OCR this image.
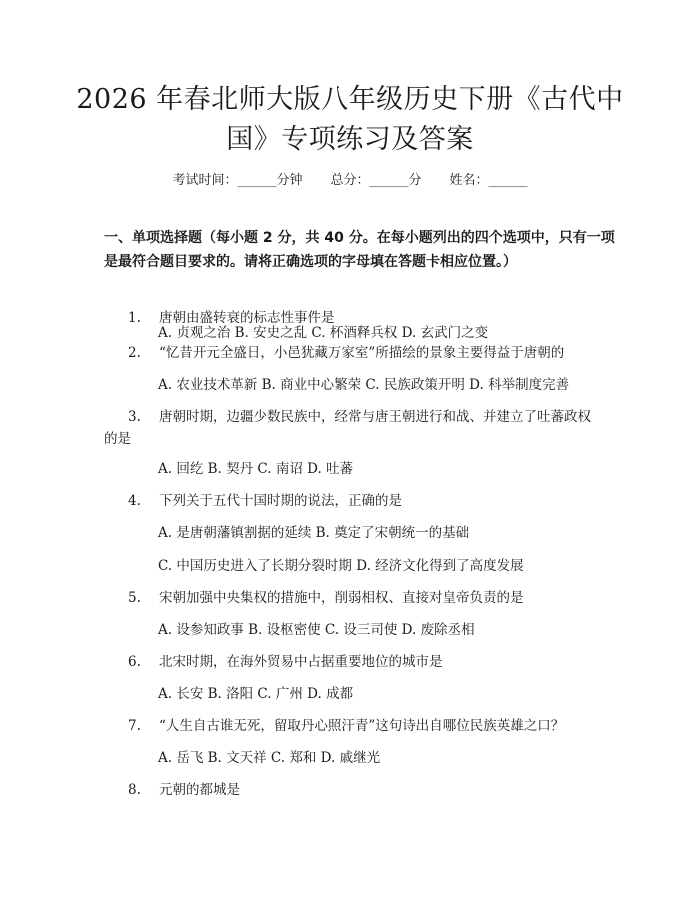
2026 年春北师大版八年级历史下册《古代中
国》专项练习及答案
考试时间：______分钟 总分：______分 姓名：______
一、单项选择题（每小题 2 分，共 40 分。在每小题列出的四个选项中，只有一项
是最符合题目要求的。请将正确选项的字母填在答题卡相应位置。）
1. 唐朝由盛转衰的标志性事件是
A. 贞观之治 B. 安史之乱 C. 杯酒释兵权 D. 玄武门之变
2. “忆昔开元全盛日，小邑犹藏万家室”所描绘的景象主要得益于唐朝的
A. 农业技术革新 B. 商业中心繁荣 C. 民族政策开明 D. 科举制度完善
3. 唐朝时期，边疆少数民族中，经常与唐王朝进行和战、并建立了吐蕃政权
的是
A. 回纥 B. 契丹 C. 南诏 D. 吐蕃
4. 下列关于五代十国时期的说法，正确的是
A. 是唐朝藩镇割据的延续 B. 奠定了宋朝统一的基础
C. 中国历史进入了长期分裂时期 D. 经济文化得到了高度发展
5. 宋朝加强中央集权的措施中，削弱相权、直接对皇帝负责的是
A. 设参知政事 B. 设枢密使 C. 设三司使 D. 废除丞相
6. 北宋时期，在海外贸易中占据重要地位的城市是
A. 长安 B. 洛阳 C. 广州 D. 成都
7. “人生自古谁无死，留取丹心照汗青”这句诗出自哪位民族英雄之口？
A. 岳飞 B. 文天祥 C. 郑和 D. 戚继光
8. 元朝的都城是
